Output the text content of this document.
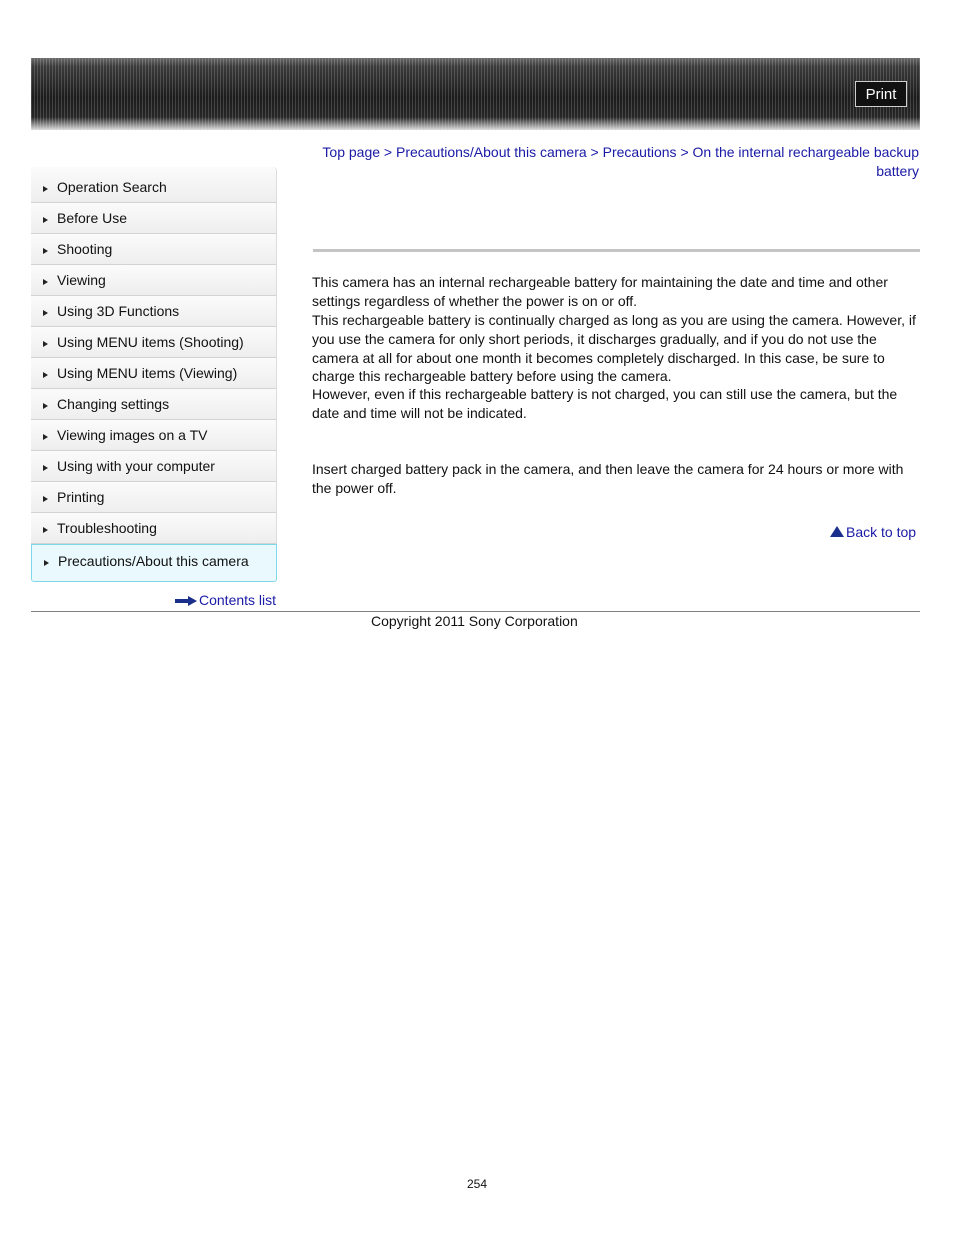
Print
Operation Search
Before Use
Shooting
Viewing
Using 3D Functions
Using MENU items (Shooting)
Using MENU items (Viewing)
Changing settings
Viewing images on a TV
Using with your computer
Printing
Troubleshooting
Precautions/About this camera
Contents list
Top page > Precautions/About this camera > Precautions > On the internal rechargeable backup battery

This camera has an internal rechargeable battery for maintaining the date and time and other settings regardless of whether the power is on or off.

This rechargeable battery is continually charged as long as you are using the camera. However, if you use the camera for only short periods, it discharges gradually, and if you do not use the camera at all for about one month it becomes completely discharged. In this case, be sure to charge this rechargeable battery before using the camera.

However, even if this rechargeable battery is not charged, you can still use the camera, but the date and time will not be indicated.

Insert charged battery pack in the camera, and then leave the camera for 24 hours or more with the power off.

Back to top
Copyright 2011 Sony Corporation
254
